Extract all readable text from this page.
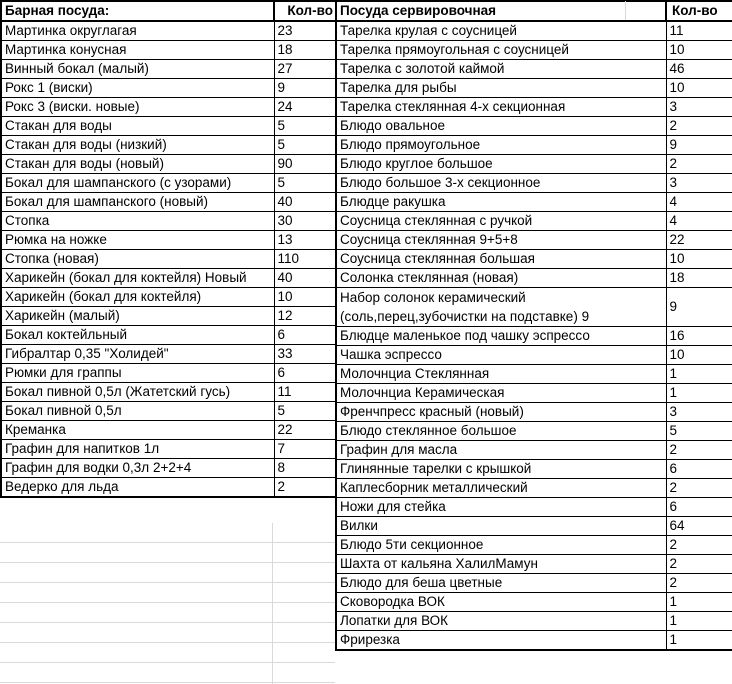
Барная посуда:	Кол-во
Мартинка округлагая	23
Мартинка конусная	18
Винный бокал (малый)	27
Рокс 1 (виски)	9
Рокс 3 (виски. новые)	24
Стакан для воды	5
Стакан для воды (низкий)	5
Стакан для воды (новый)	90
Бокал для шампанского (с узорами)	5
Бокал для шампанского (новый)	40
Стопка	30
Рюмка на ножке	13
Стопка (новая)	110
Харикейн (бокал для коктейля) Новый	40
Харикейн (бокал для коктейля)	10
Харикейн (малый)	12
Бокал коктейльный	6
Гибралтар 0,35 "Холидей"	33
Рюмки для граппы	6
Бокал пивной 0,5л (Жатетский гусь)	11
Бокал пивной 0,5л	5
Креманка	22
Графин для напитков 1л	7
Графин для водки 0,3л 2+2+4	8
Ведерко для льда	2
Посуда сервировочная	Кол-во
Тарелка крулая с соусницей	11
Тарелка прямоугольная с соусницей	10
Тарелка с золотой каймой	46
Тарелка для рыбы	10
Тарелка стеклянная 4-х секционная	3
Блюдо овальное	2
Блюдо прямоугольное	9
Блюдо круглое большое	2
Блюдо большое 3-х секционное	3
Блюдце ракушка	4
Соусница стеклянная с ручкой	4
Соусница стеклянная 9+5+8	22
Соусница стеклянная большая	10
Солонка стеклянная (новая)	18

Набор солонок керамический
(соль,перец,зубочистки на подставке) 9	9
Блюдце маленькое под чашку эспрессо	16
Чашка эспрессо	10
Молочнциа Стеклянная	1
Молочнциа Керамическая	1
Френчпресс красный (новый)	3
Блюдо стеклянное большое	5
Графин для масла	2
Глинянные тарелки с крышкой	6
Каплесборник металлический	2
Ножи для стейка	6
Вилки	64
Блюдо 5ти секционное	2
Шахта от кальяна ХалилМамун	2
Блюдо для беша цветные	2
Сковородка ВОК	1
Лопатки для ВОК	1
Фрирезка	1
